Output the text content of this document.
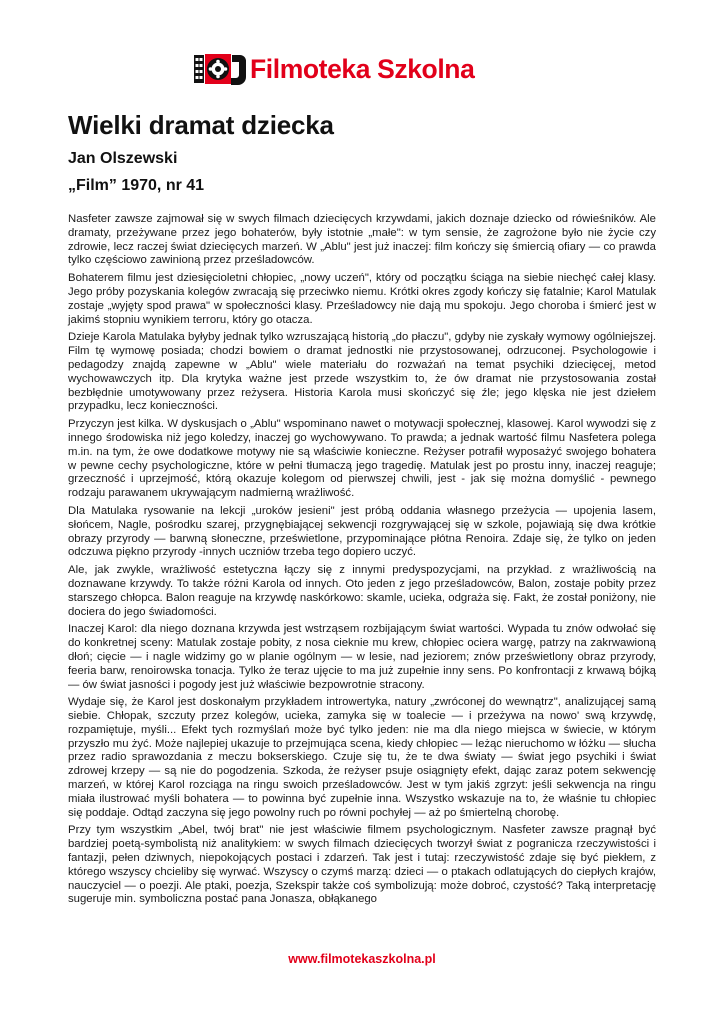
Filmoteka Szkolna
Wielki dramat dziecka
Jan Olszewski
„Film” 1970, nr 41

Nasfeter zawsze zajmował się w swych filmach dziecięcych krzywdami, jakich doznaje dziecko od rówieśników. Ale dramaty, przeżywane przez jego bohaterów, były istotnie „małe": w tym sensie, że zagrożone było nie życie czy zdrowie, lecz raczej świat dziecięcych marzeń. W „Ablu" jest już inaczej: film kończy się śmiercią ofiary — co prawda tylko częściowo zawinioną przez prześladowców.

Bohaterem filmu jest dziesięcioletni chłopiec, „nowy uczeń", który od początku ściąga na siebie niechęć całej klasy. Jego próby pozyskania kolegów zwracają się przeciwko niemu. Krótki okres zgody kończy się fatalnie; Karol Matulak zostaje „wyjęty spod prawa" w społeczności klasy. Prześladowcy nie dają mu spokoju. Jego choroba i śmierć jest w jakimś stopniu wynikiem terroru, który go otacza.

Dzieje Karola Matulaka byłyby jednak tylko wzruszającą historią „do płaczu", gdyby nie zyskały wymowy ogólniejszej. Film tę wymowę posiada; chodzi bowiem o dramat jednostki nie przystosowanej, odrzuconej. Psychologowie i pedagodzy znajdą zapewne w „Ablu" wiele materiału do rozważań na temat psychiki dziecięcej, metod wychowawczych itp. Dla krytyka ważne jest przede wszystkim to, że ów dramat nie przystosowania został bezbłędnie umotywowany przez reżysera. Historia Karola musi skończyć się źle; jego klęska nie jest dziełem przypadku, lecz konieczności.

Przyczyn jest kilka. W dyskusjach o „Ablu" wspominano nawet o motywacji społecznej, klasowej. Karol wywodzi się z innego środowiska niż jego koledzy, inaczej go wychowywano. To prawda; a jednak wartość filmu Nasfetera polega m.in. na tym, że owe dodatkowe motywy nie są właściwie konieczne. Reżyser potrafił wyposażyć swojego bohatera w pewne cechy psychologiczne, które w pełni tłumaczą jego tragedię. Matulak jest po prostu inny, inaczej reaguje; grzeczność i uprzejmość, którą okazuje kolegom od pierwszej chwili, jest - jak się można domyślić - pewnego rodzaju parawanem ukrywającym nadmierną wrażliwość.

Dla Matulaka rysowanie na lekcji „uroków jesieni" jest próbą oddania własnego przeżycia — upojenia lasem, słońcem, Nagle, pośrodku szarej, przygnębiającej sekwencji rozgrywającej się w szkole, pojawiają się dwa krótkie obrazy przyrody — barwną słoneczne, prześwietlone, przypominające płótna Renoira. Zdaje się, że tylko on jeden odczuwa piękno przyrody -innych uczniów trzeba tego dopiero uczyć.

Ale, jak zwykle, wrażliwość estetyczna łączy się z innymi predyspozycjami, na przykład. z wrażliwością na doznawane krzywdy. To także różni Karola od innych. Oto jeden z jego prześladowców, Balon, zostaje pobity przez starszego chłopca. Balon reaguje na krzywdę naskórkowo: skamle, ucieka, odgraża się. Fakt, że został poniżony, nie dociera do jego świadomości.

Inaczej Karol: dla niego doznana krzywda jest wstrząsem rozbijającym świat wartości. Wypada tu znów odwołać się do konkretnej sceny: Matulak zostaje pobity, z nosa cieknie mu krew, chłopiec ociera wargę, patrzy na zakrwawioną dłoń; cięcie — i nagle widzimy go w planie ogólnym — w lesie, nad jeziorem; znów prześwietlony obraz przyrody, feeria barw, renoirowska tonacja. Tylko że teraz ujęcie to ma już zupełnie inny sens. Po konfrontacji z krwawą bójką — ów świat jasności i pogody jest już właściwie bezpowrotnie stracony.

Wydaje się, że Karol jest doskonałym przykładem introwertyka, natury „zwróconej do wewnątrz", analizującej samą siebie. Chłopak, szczuty przez kolegów, ucieka, zamyka się w toalecie — i przeżywa na nowo' swą krzywdę, rozpamiętuje, myśli... Efekt tych rozmyślań może być tylko jeden: nie ma dla niego miejsca w świecie, w którym przyszło mu żyć. Może najlepiej ukazuje to przejmująca scena, kiedy chłopiec — leżąc nieruchomo w łóżku — słucha przez radio sprawozdania z meczu bokserskiego. Czuje się tu, że te dwa światy — świat jego psychiki i świat zdrowej krzepy — są nie do pogodzenia. Szkoda, że reżyser psuje osiągnięty efekt, dając zaraz potem sekwencję marzeń, w której Karol rozciąga na ringu swoich prześladowców. Jest w tym jakiś zgrzyt: jeśli sekwencja na ringu miała ilustrować myśli bohatera — to powinna być zupełnie inna. Wszystko wskazuje na to, że właśnie tu chłopiec się poddaje. Odtąd zaczyna się jego powolny ruch po równi pochyłej — aż po śmiertelną chorobę.

Przy tym wszystkim „Abel, twój brat" nie jest właściwie filmem psychologicznym. Nasfeter zawsze pragnął być bardziej poetą-symbolistą niż analitykiem: w swych filmach dziecięcych tworzył świat z pogranicza rzeczywistości i fantazji, pełen dziwnych, niepokojących postaci i zdarzeń. Tak jest i tutaj: rzeczywistość zdaje się być piekłem, z którego wszyscy chcieliby się wyrwać. Wszyscy o czymś marzą: dzieci — o ptakach odlatujących do ciepłych krajów, nauczyciel — o poezji. Ale ptaki, poezja, Szekspir także coś symbolizują: może dobroć, czystość? Taką interpretację sugeruje min. symboliczna postać pana Jonasza, obłąkanego

www.filmotekaszkolna.pl
